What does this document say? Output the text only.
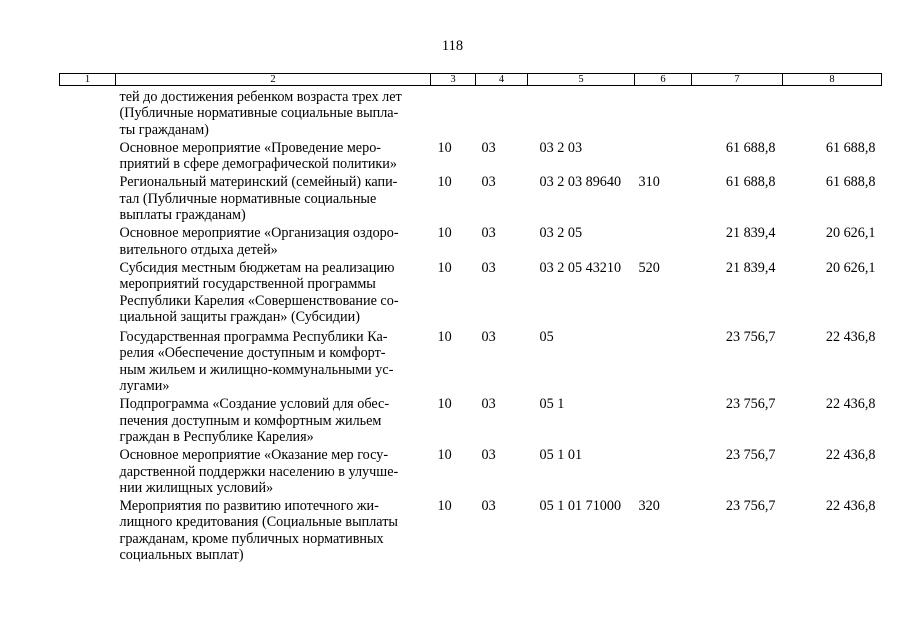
118
1	2	3	4	5	6	7	8

	тей до достижения ребенком возраста трех лет
(Публичные нормативные социальные выпла-
ты гражданам)						

	Основное мероприятие «Проведение меро-
приятий в сфере демографической политики»	10	03	03 2 03		61 688,8	61 688,8

	Региональный материнский (семейный) капи-
тал (Публичные нормативные социальные
выплаты гражданам)	10	03	03 2 03 89640	310	61 688,8	61 688,8

	Основное мероприятие «Организация оздоро-
вительного отдыха детей»	10	03	03 2 05		21 839,4	20 626,1

	Субсидия местным бюджетам на реализацию
мероприятий государственной программы
Республики Карелия «Совершенствование со-
циальной защиты граждан» (Субсидии)	10	03	03 2 05 43210	520	21 839,4	20 626,1

	Государственная программа Республики Ка-
релия «Обеспечение доступным и комфорт-
ным жильем и жилищно-коммунальными ус-
лугами»	10	03	05		23 756,7	22 436,8

	Подпрограмма «Создание условий для обес-
печения доступным и комфортным жильем
граждан в Республике Карелия»	10	03	05 1		23 756,7	22 436,8

	Основное мероприятие «Оказание мер госу-
дарственной поддержки населению в улучше-
нии жилищных условий»	10	03	05 1 01		23 756,7	22 436,8

	Мероприятия по развитию ипотечного жи-
лищного кредитования (Социальные выплаты
гражданам, кроме публичных нормативных
социальных выплат)	10	03	05 1 01 71000	320	23 756,7	22 436,8
